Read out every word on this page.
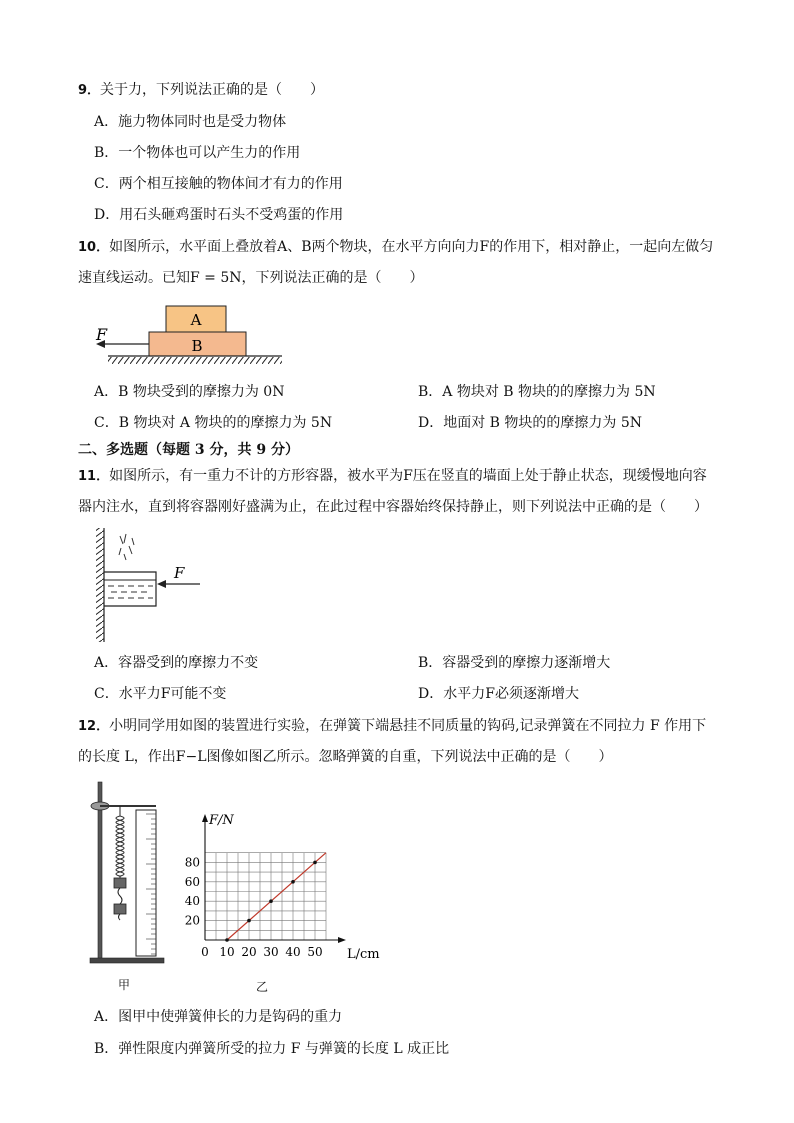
9．关于力，下列说法正确的是（　　）
A．施力物体同时也是受力物体
B．一个物体也可以产生力的作用
C．两个相互接触的物体间才有力的作用
D．用石头砸鸡蛋时石头不受鸡蛋的作用
10．如图所示，水平面上叠放着A、B两个物块，在水平方向向力F的作用下，相对静止，一起向左做匀
速直线运动。已知F = 5N，下列说法正确的是（　　）
F
A
B
A．B 物块受到的摩擦力为 0N	B．A 物块对 B 物块的的摩擦力为 5N
C．B 物块对 A 物块的的摩擦力为 5N	D．地面对 B 物块的的摩擦力为 5N
二、多选题（每题 3 分，共 9 分）
11．如图所示，有一重力不计的方形容器，被水平为F压在竖直的墙面上处于静止状态，现缓慢地向容
器内注水，直到将容器刚好盛满为止，在此过程中容器始终保持静止，则下列说法中正确的是（　　）
F
A．容器受到的摩擦力不变	B．容器受到的摩擦力逐渐增大
C．水平力F可能不变	D．水平力F必须逐渐增大
12．小明同学用如图的装置进行实验，在弹簧下端悬挂不同质量的钩码,记录弹簧在不同拉力 F 作用下
的长度 L，作出F−L图像如图乙所示。忽略弹簧的自重，下列说法中正确的是（　　）
甲
0 10 20 30 40 50
20
40
60
80
F/N
L/cm
乙
A．图甲中使弹簧伸长的力是钩码的重力
B．弹性限度内弹簧所受的拉力 F 与弹簧的长度 L 成正比
